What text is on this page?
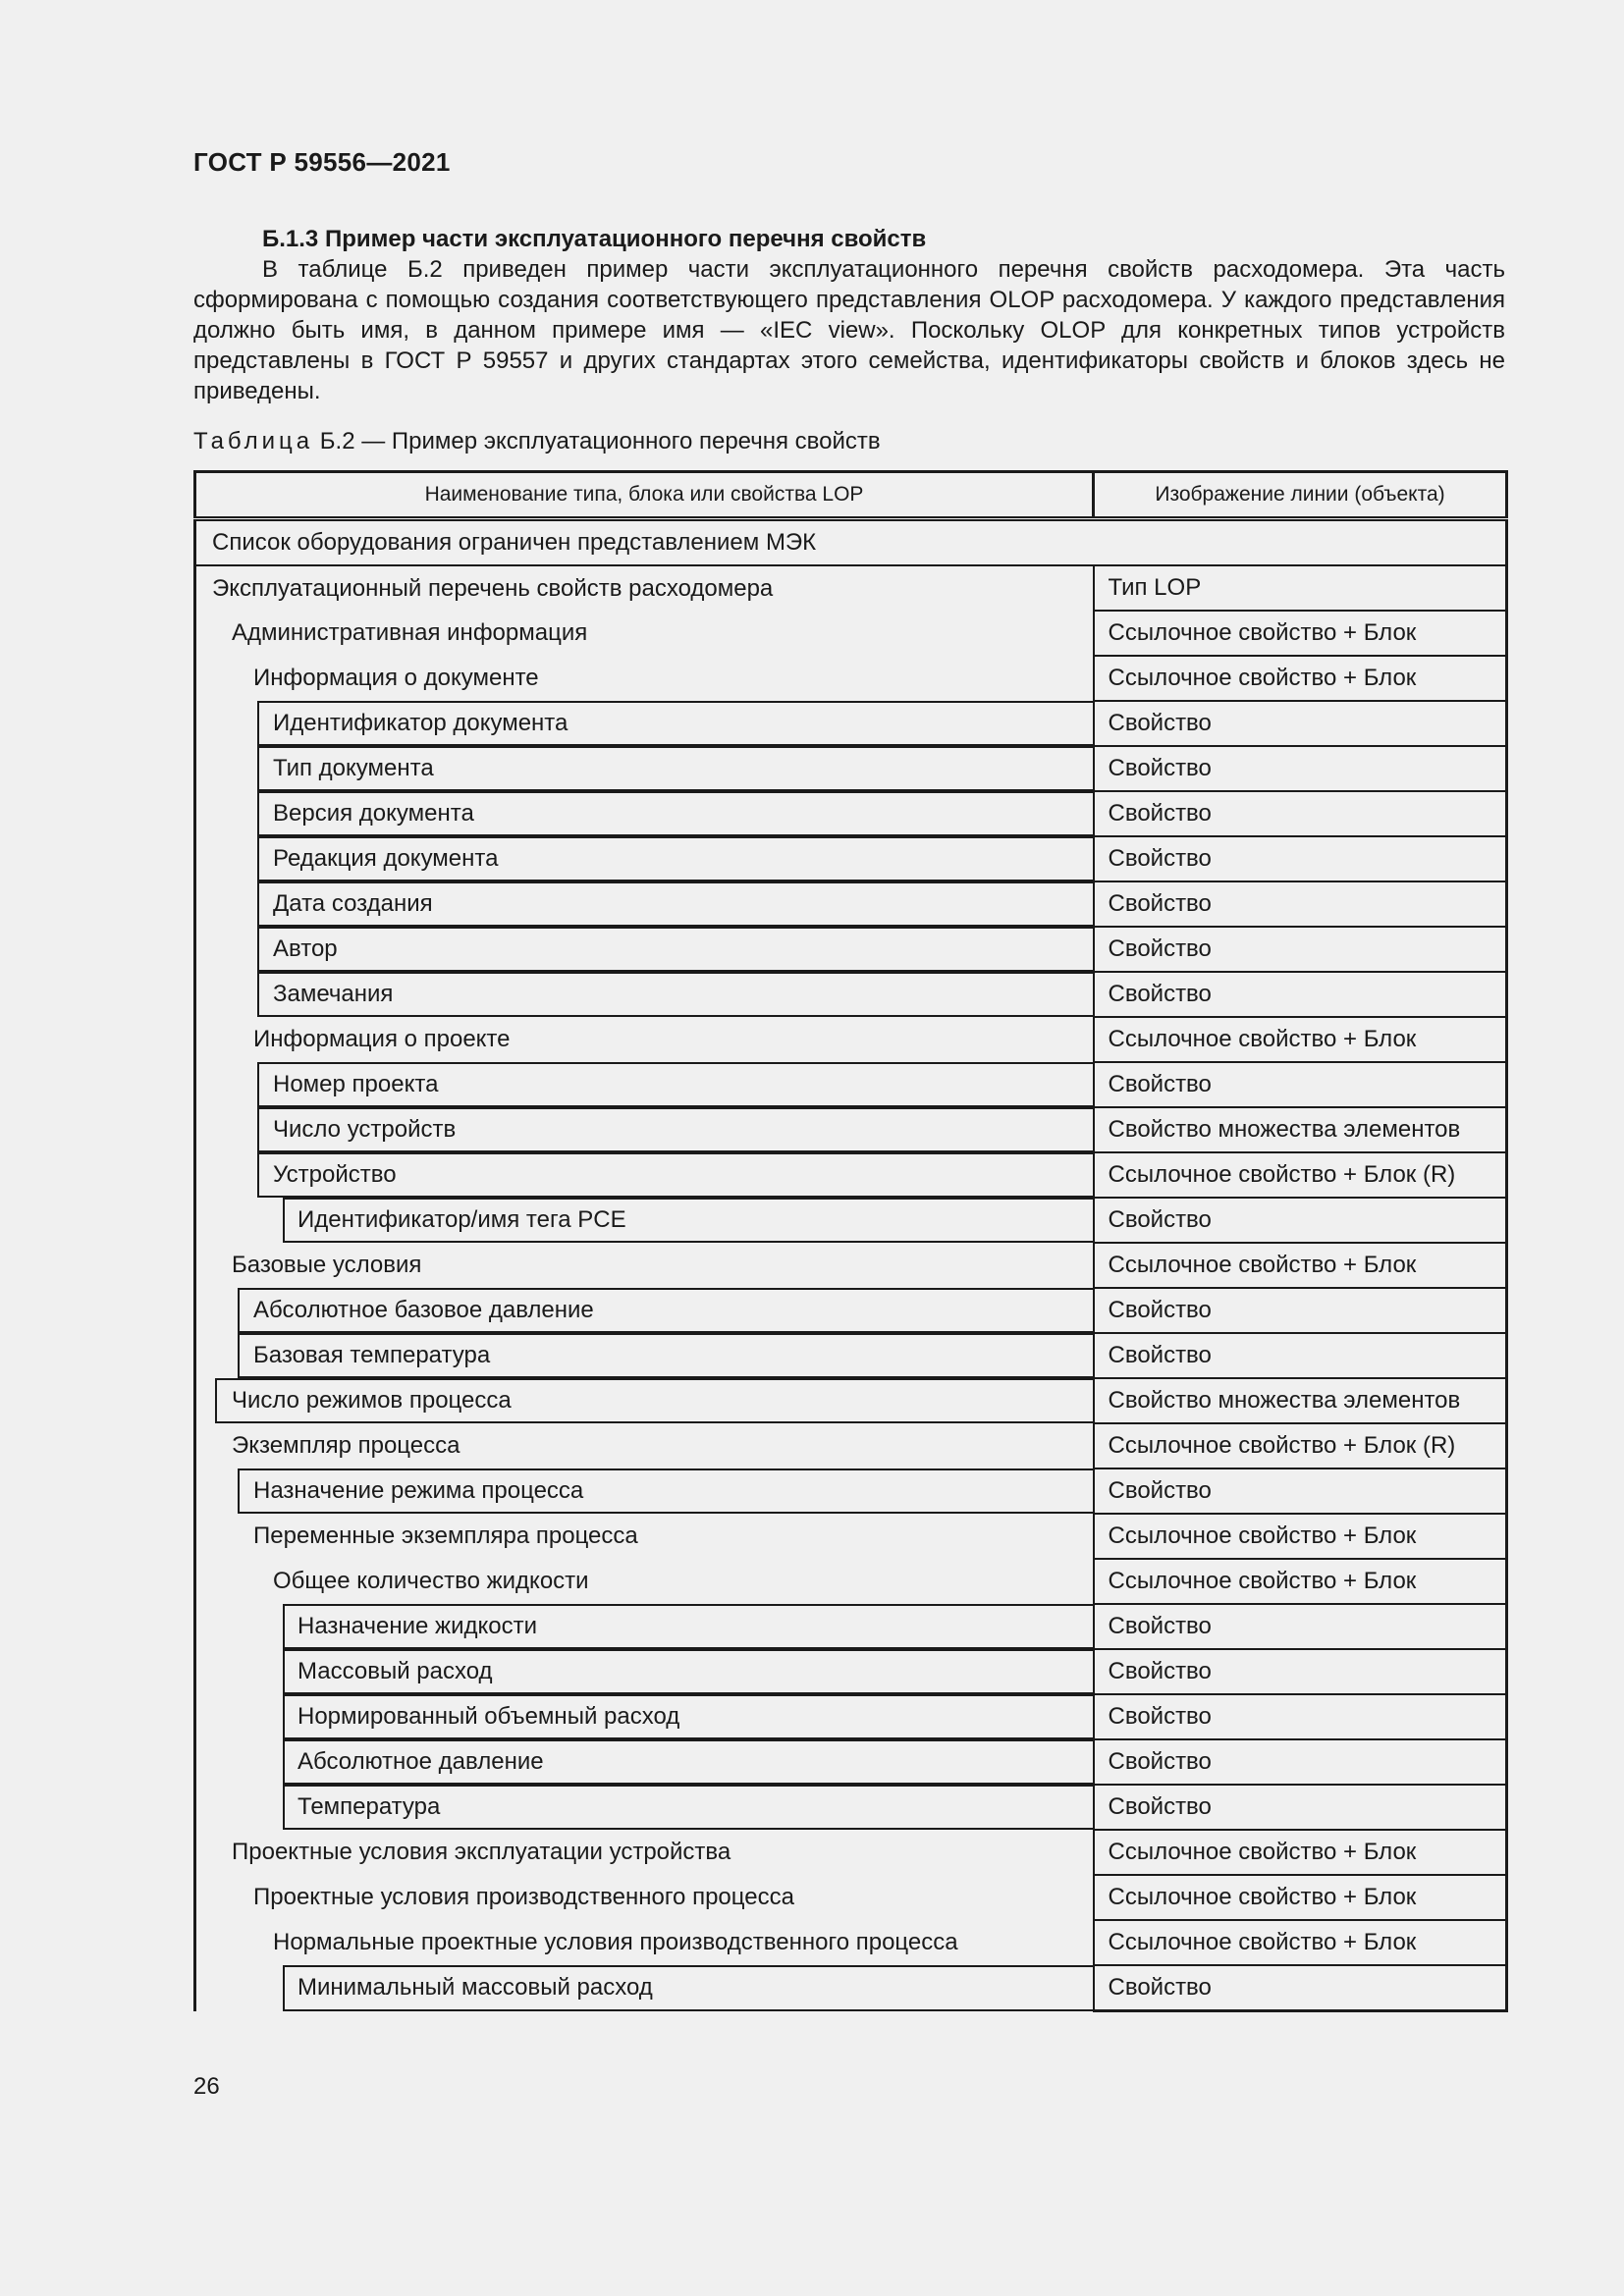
ГОСТ Р 59556—2021
Б.1.3 Пример части эксплуатационного перечня свойств

В таблице Б.2 приведен пример части эксплуатационного перечня свойств расходомера. Эта часть сформирована с помощью создания соответствующего представления OLOP расходомера. У каждого представления должно быть имя, в данном примере имя — «IEC view». Поскольку OLOP для конкретных типов устройств представлены в ГОСТ Р 59557 и других стандартах этого семейства, идентификаторы свойств и блоков здесь не приведены.

Таблица Б.2 — Пример эксплуатационного перечня свойств
Наименование типа, блока или свойства LOP	Изображение линии (объекта)
Список оборудования ограничен представлением МЭК	
Эксплуатационный перечень свойств расходомера	Тип LOP
Административная информация	Ссылочное свойство + Блок
Информация о документе	Ссылочное свойство + Блок
Идентификатор документа	Свойство
Тип документа	Свойство
Версия документа	Свойство
Редакция документа	Свойство
Дата создания	Свойство
Автор	Свойство
Замечания	Свойство
Информация о проекте	Ссылочное свойство + Блок
Номер проекта	Свойство
Число устройств	Свойство множества элементов
Устройство	Ссылочное свойство + Блок (R)
Идентификатор/имя тега PCE	Свойство
Базовые условия	Ссылочное свойство + Блок
Абсолютное базовое давление	Свойство
Базовая температура	Свойство
Число режимов процесса	Свойство множества элементов
Экземпляр процесса	Ссылочное свойство + Блок (R)
Назначение режима процесса	Свойство
Переменные экземпляра процесса	Ссылочное свойство + Блок
Общее количество жидкости	Ссылочное свойство + Блок
Назначение жидкости	Свойство
Массовый расход	Свойство
Нормированный объемный расход	Свойство
Абсолютное давление	Свойство
Температура	Свойство
Проектные условия эксплуатации устройства	Ссылочное свойство + Блок
Проектные условия производственного процесса	Ссылочное свойство + Блок
Нормальные проектные условия производственного процесса	Ссылочное свойство + Блок
Минимальный массовый расход	Свойство
26
